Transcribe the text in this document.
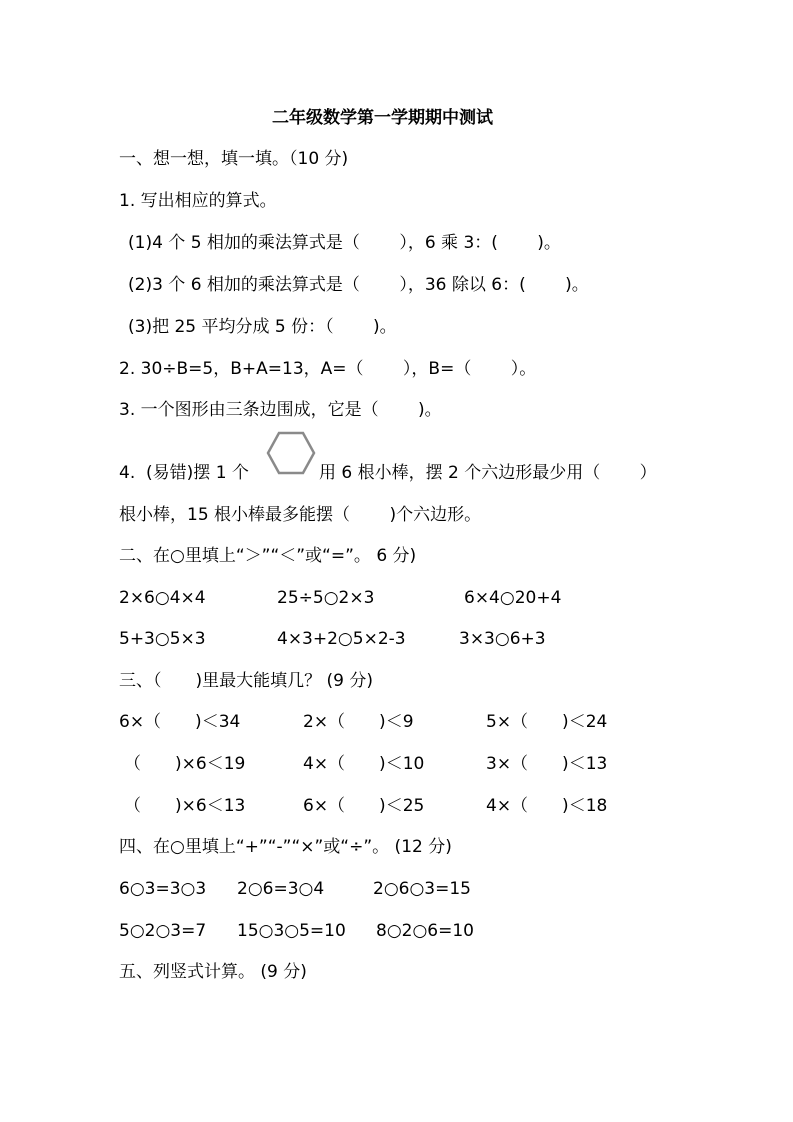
二年级数学第一学期期中测试
一、想一想，填一填。（10 分)
1. 写出相应的算式。
(1)4 个 5 相加的乘法算式是（　　 ），6 乘 3：(　　 )。
(2)3 个 6 相加的乘法算式是（　　 ），36 除以 6：(　　 )。
(3)把 25 平均分成 5 份：（　　 )。
2. 30÷B=5，B+A=13，A=（　　 ），B=（　　 ）。
3. 一个图形由三条边围成，它是（　　 )。
4.  (易错)摆 1 个	用 6 根小棒，摆 2 个六边形最少用（　　 ）
根小棒，15 根小棒最多能摆（　　 )个六边形。
二、在○里填上“＞”“＜”或“=”。 6 分)
2×6○4×4	25÷5○2×3	6×4○20+4
5+3○5×3	4×3+2○5×2-3	3×3○6+3
三、（　　)里最大能填几？ (9 分)
6×（　　)＜34	2×（　　)＜9	5×（　　)＜24
（　　)×6＜19	4×（　　)＜10	3×（　　)＜13
（　　)×6＜13	6×（　　)＜25	4×（　　)＜18
四、在○里填上“+”“-”“×”或“÷”。 (12 分)
6○3=3○3 2○6=3○4	2○6○3=15
5○2○3=7 15○3○5=10 8○2○6=10
五、列竖式计算。 (9 分)
